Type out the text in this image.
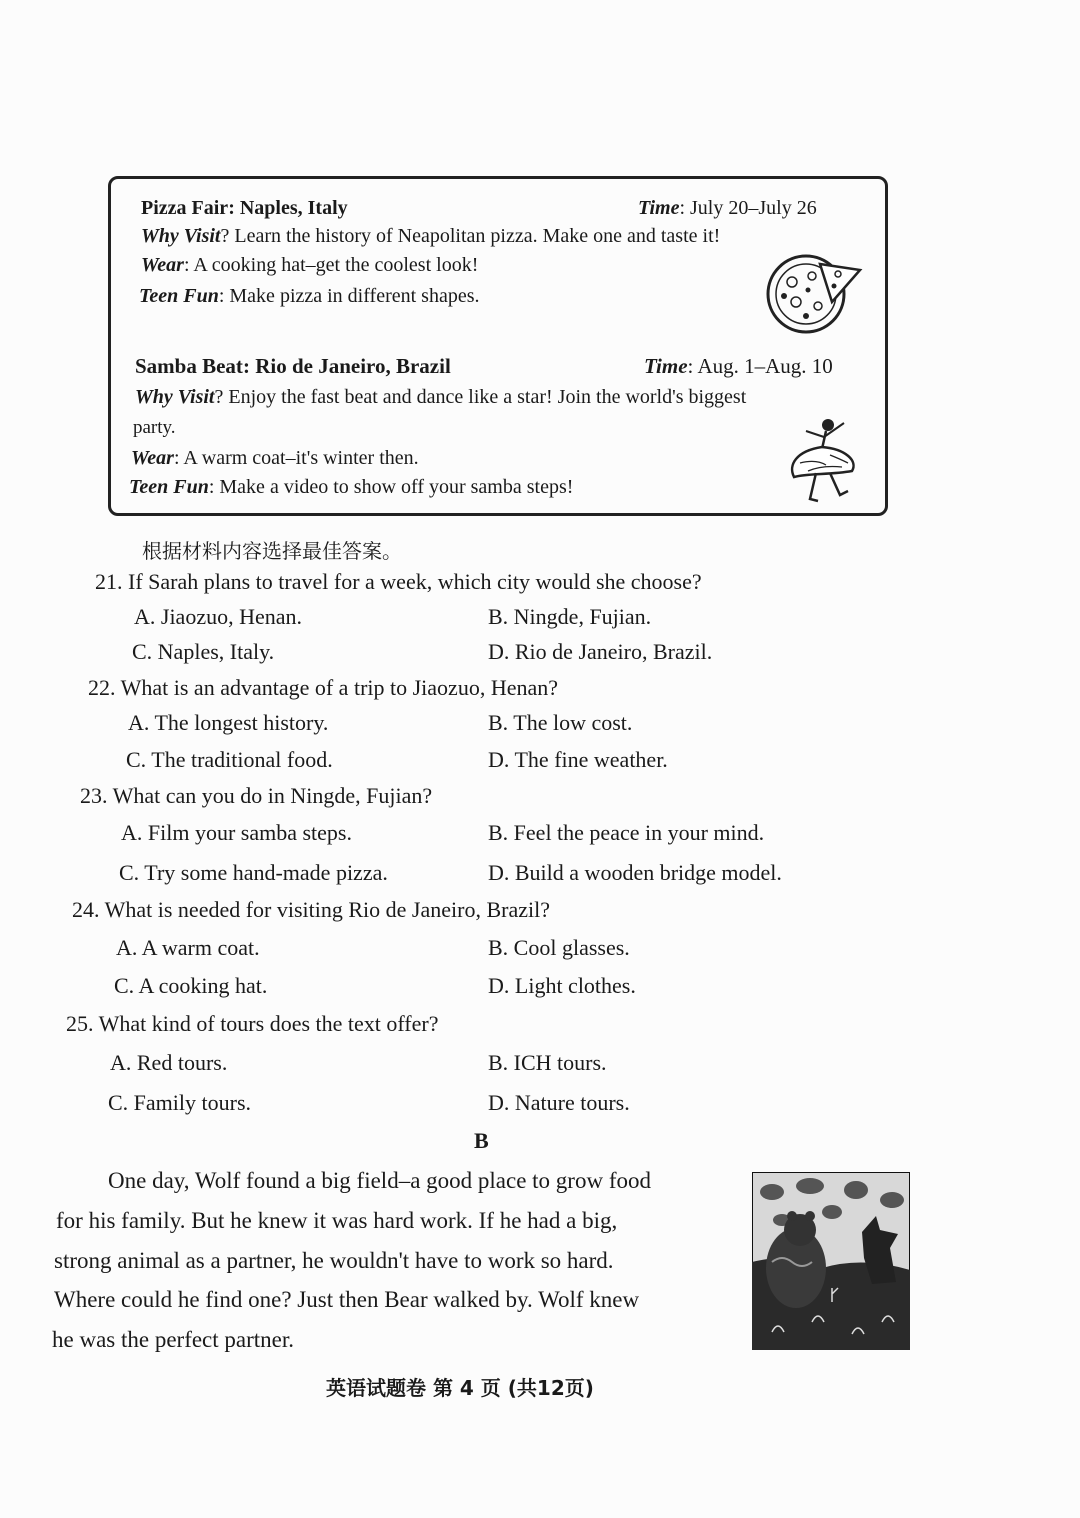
Pizza Fair: Naples, Italy	Time: July 20–July 26
Why Visit? Learn the history of Neapolitan pizza. Make one and taste it!
Wear: A cooking hat–get the coolest look!
Teen Fun: Make pizza in different shapes.
Samba Beat: Rio de Janeiro, Brazil	Time: Aug. 1–Aug. 10
Why Visit? Enjoy the fast beat and dance like a star! Join the world's biggest
party.
Wear: A warm coat–it's winter then.
Teen Fun: Make a video to show off your samba steps!
根据材料内容选择最佳答案。
21. If Sarah plans to travel for a week, which city would she choose?
A. Jiaozuo, Henan.	B. Ningde, Fujian.
C. Naples, Italy.	D. Rio de Janeiro, Brazil.
22. What is an advantage of a trip to Jiaozuo, Henan?
A. The longest history.	B. The low cost.
C. The traditional food.	D. The fine weather.
23. What can you do in Ningde, Fujian?
A. Film your samba steps.	B. Feel the peace in your mind.
C. Try some hand-made pizza.	D. Build a wooden bridge model.
24. What is needed for visiting Rio de Janeiro, Brazil?
A. A warm coat.	B. Cool glasses.
C. A cooking hat.	D. Light clothes.
25. What kind of tours does the text offer?
A. Red tours.	B. ICH tours.
C. Family tours.	D. Nature tours.
B
One day, Wolf found a big field–a good place to grow food
for his family. But he knew it was hard work. If he had a big,
strong animal as a partner, he wouldn't have to work so hard.
Where could he find one? Just then Bear walked by. Wolf knew
he was the perfect partner.
英语试题卷 第 4 页 (共12页)
